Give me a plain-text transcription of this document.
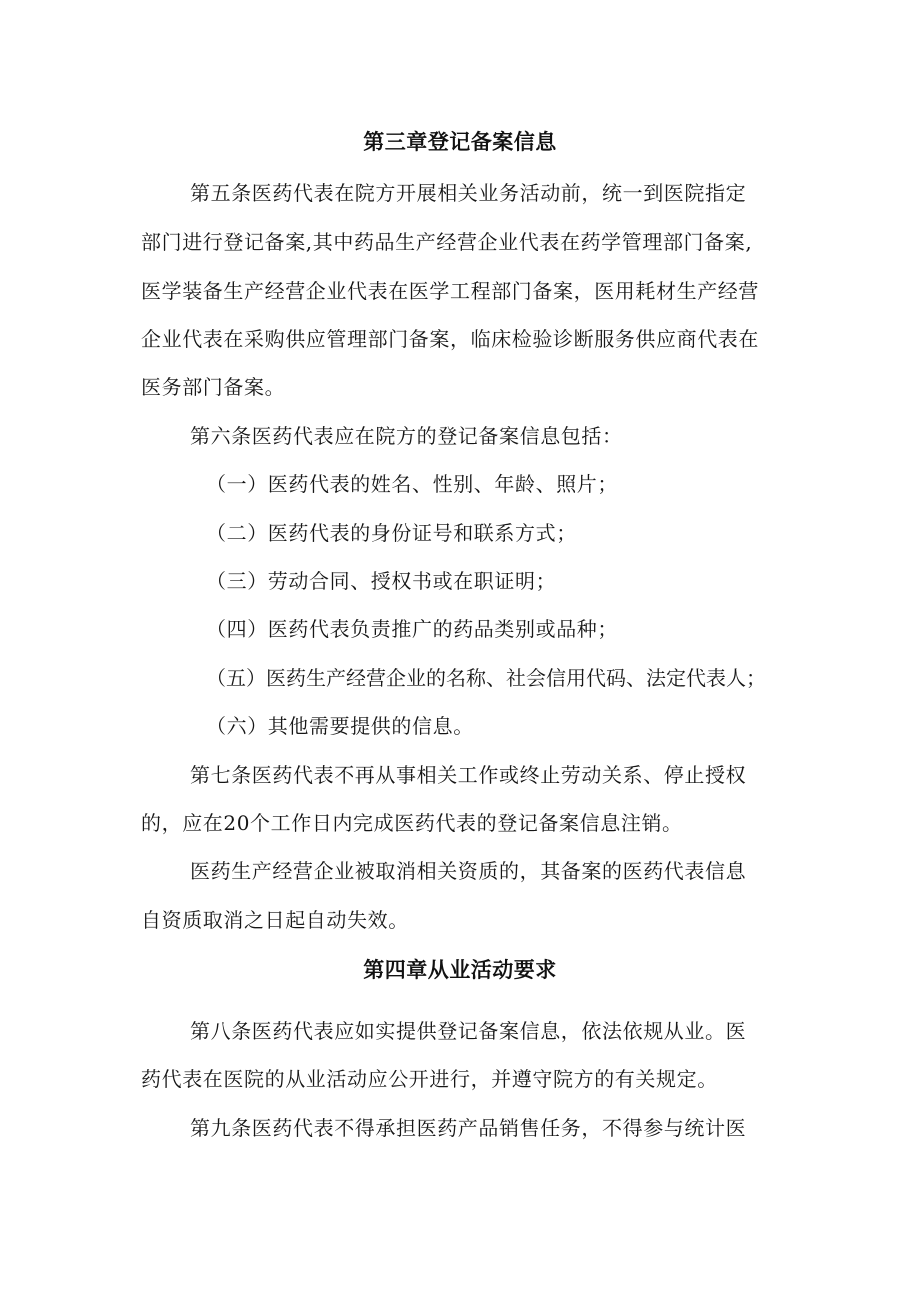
第三章登记备案信息
第五条医药代表在院方开展相关业务活动前，统一到医院指定
部门进行登记备案,其中药品生产经营企业代表在药学管理部门备案,
医学装备生产经营企业代表在医学工程部门备案，医用耗材生产经营
企业代表在采购供应管理部门备案，临床检验诊断服务供应商代表在
医务部门备案。
第六条医药代表应在院方的登记备案信息包括：
（一）医药代表的姓名、性别、年龄、照片；
（二）医药代表的身份证号和联系方式；
（三）劳动合同、授权书或在职证明；
（四）医药代表负责推广的药品类别或品种；
（五）医药生产经营企业的名称、社会信用代码、法定代表人；
（六）其他需要提供的信息。
第七条医药代表不再从事相关工作或终止劳动关系、停止授权
的，应在20个工作日内完成医药代表的登记备案信息注销。
医药生产经营企业被取消相关资质的，其备案的医药代表信息
自资质取消之日起自动失效。
第四章从业活动要求
第八条医药代表应如实提供登记备案信息，依法依规从业。医
药代表在医院的从业活动应公开进行，并遵守院方的有关规定。
第九条医药代表不得承担医药产品销售任务，不得参与统计医
